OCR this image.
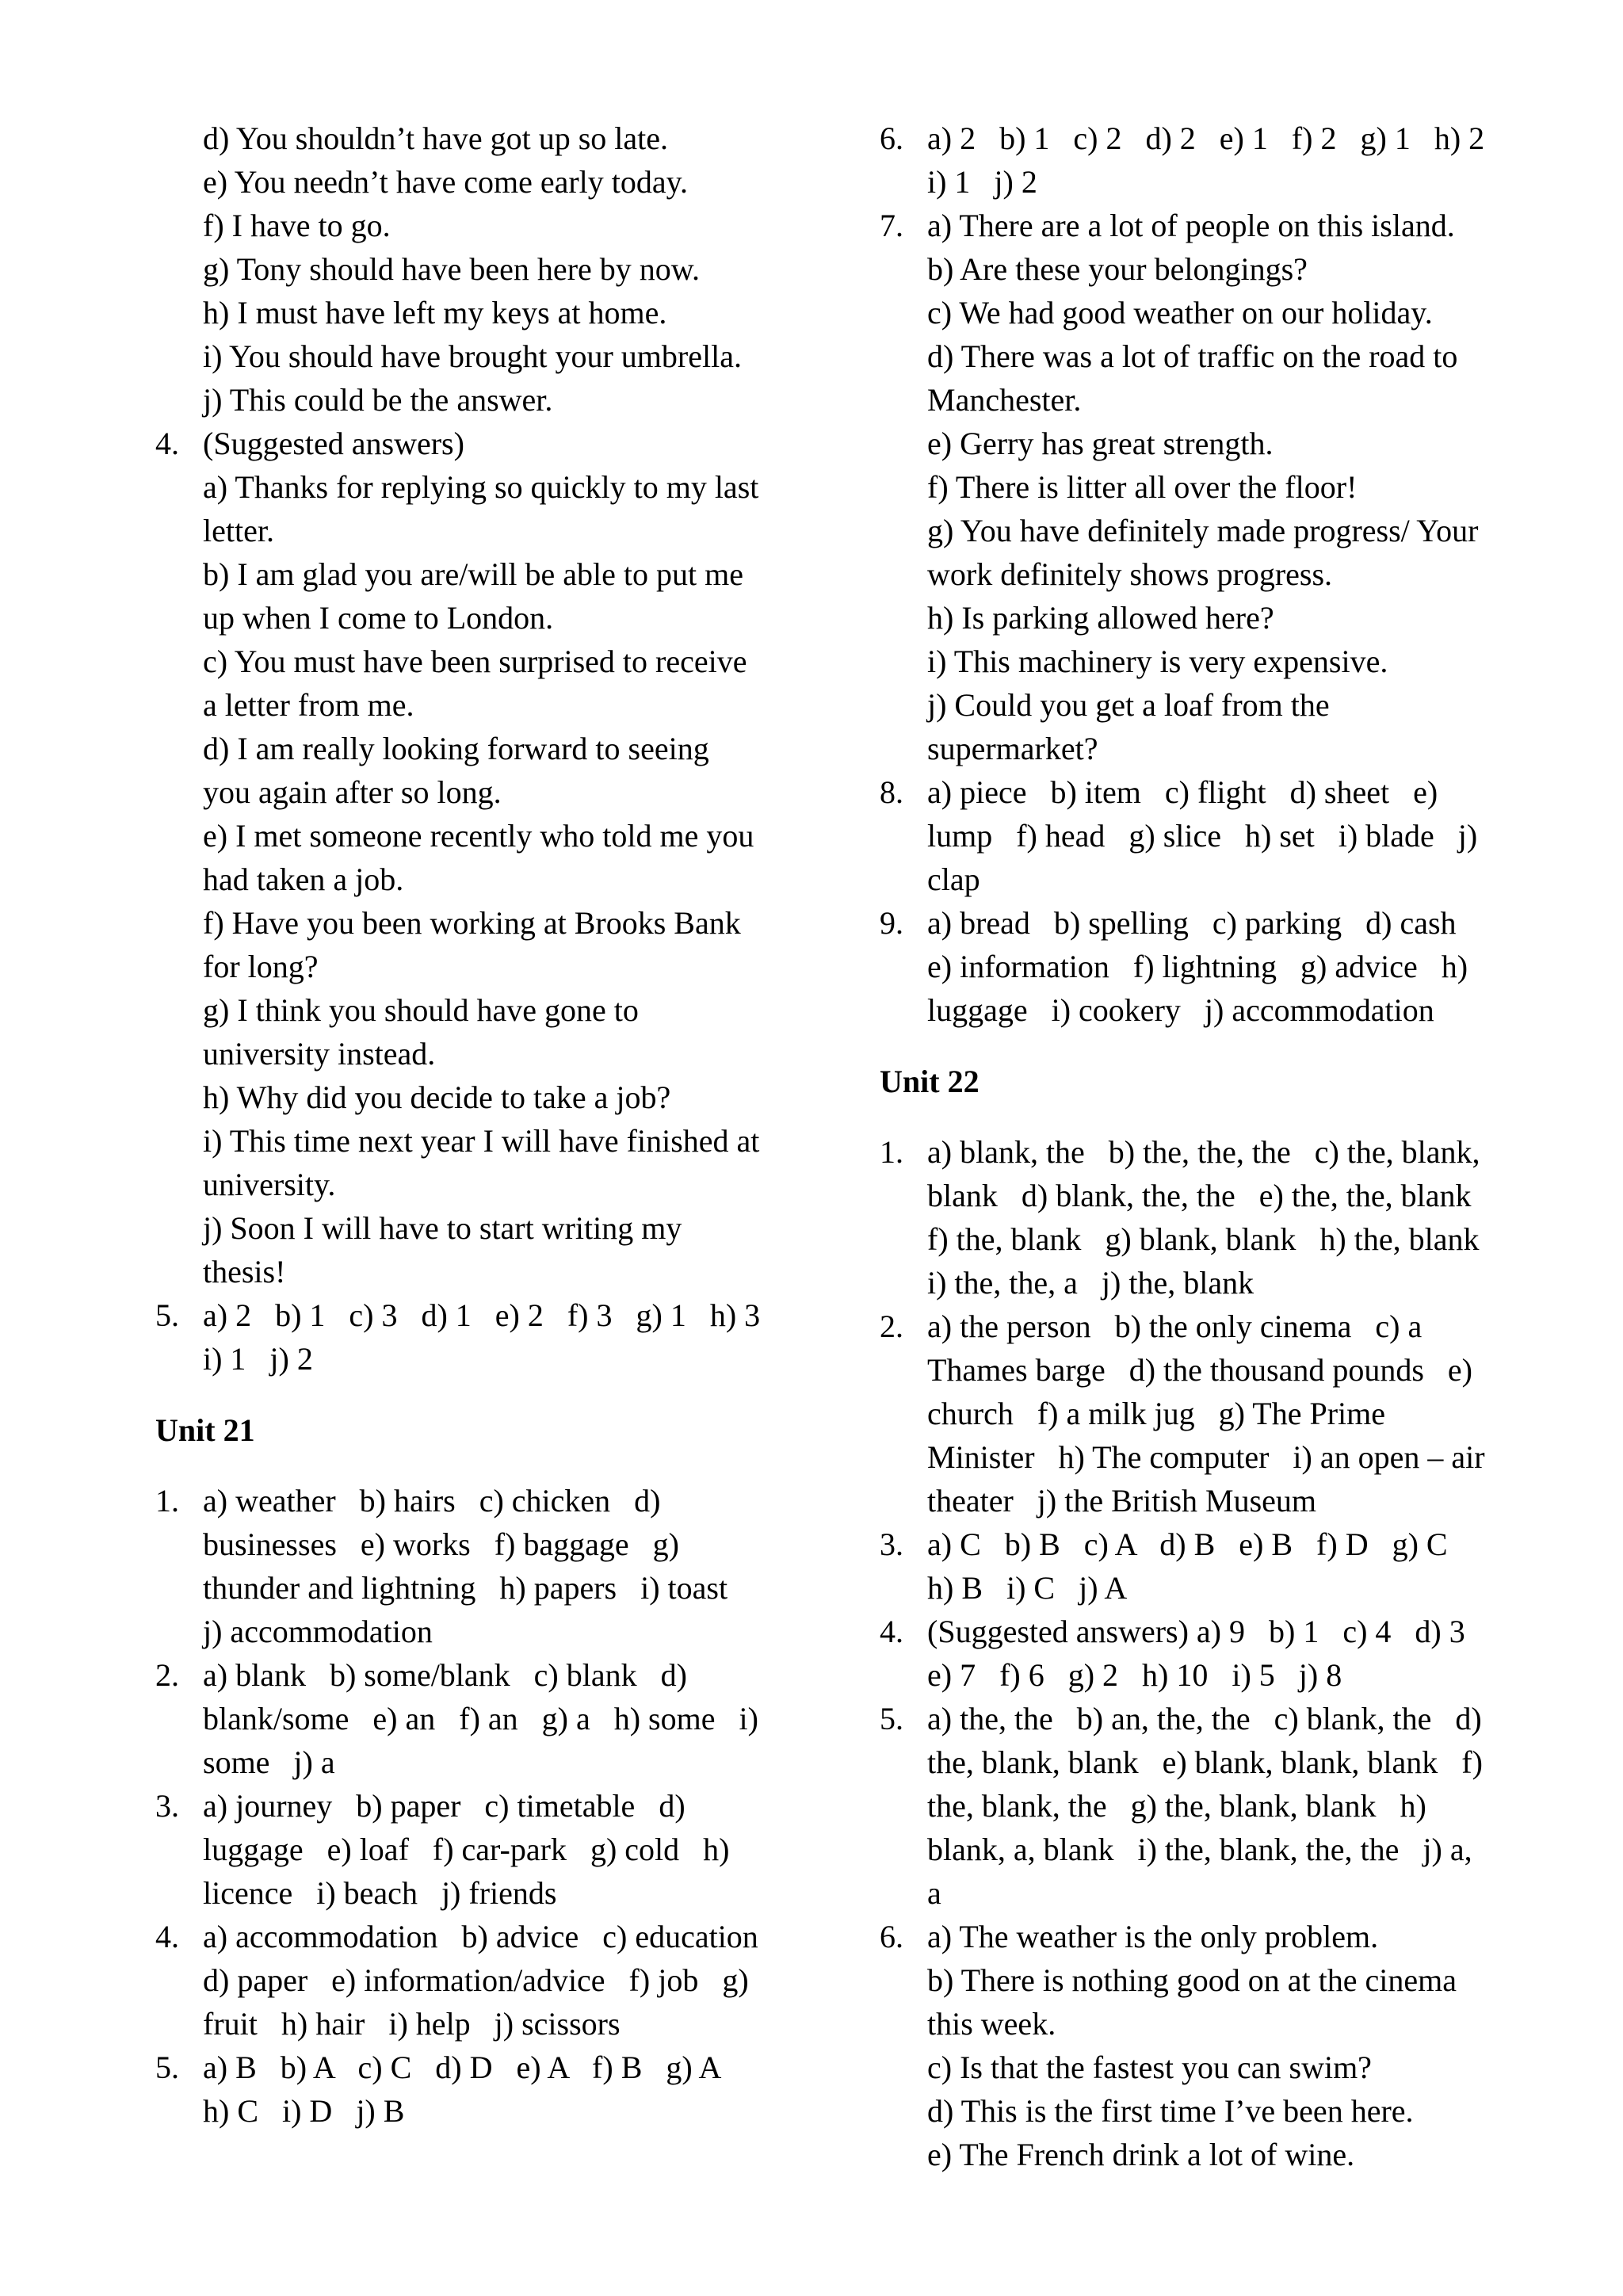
d) You shouldn’t have got up so late.
e) You needn’t have come early today.
f) I have to go.
g) Tony should have been here by now.
h) I must have left my keys at home.
i) You should have brought your umbrella.
j) This could be the answer.
4. (Suggested answers)
a) Thanks for replying so quickly to my last
letter.
b) I am glad you are/will be able to put me
up when I come to London.
c) You must have been surprised to receive
a letter from me.
d) I am really looking forward to seeing
you again after so long.
e) I met someone recently who told me you
had taken a job.
f) Have you been working at Brooks Bank
for long?
g) I think you should have gone to
university instead.
h) Why did you decide to take a job?
i) This time next year I will have finished at
university.
j) Soon I will have to start writing my
thesis!
5. a) 2   b) 1   c) 3   d) 1   e) 2   f) 3   g) 1   h) 3
i) 1   j) 2
Unit 21
1. a) weather   b) hairs   c) chicken   d)
businesses   e) works   f) baggage   g)
thunder and lightning   h) papers   i) toast
j) accommodation
2. a) blank   b) some/blank   c) blank   d)
blank/some   e) an   f) an   g) a   h) some   i)
some   j) a
3. a) journey   b) paper   c) timetable   d)
luggage   e) loaf   f) car-park   g) cold   h)
licence   i) beach   j) friends
4. a) accommodation   b) advice   c) education
d) paper   e) information/advice   f) job   g)
fruit   h) hair   i) help   j) scissors
5. a) B   b) A   c) C   d) D   e) A   f) B   g) A
h) C   i) D   j) B
6. a) 2   b) 1   c) 2   d) 2   e) 1   f) 2   g) 1   h) 2
i) 1   j) 2
7. a) There are a lot of people on this island.
b) Are these your belongings?
c) We had good weather on our holiday.
d) There was a lot of traffic on the road to
Manchester.
e) Gerry has great strength.
f) There is litter all over the floor!
g) You have definitely made progress/ Your
work definitely shows progress.
h) Is parking allowed here?
i) This machinery is very expensive.
j) Could you get a loaf from the
supermarket?
8. a) piece   b) item   c) flight   d) sheet   e)
lump   f) head   g) slice   h) set   i) blade   j)
clap
9. a) bread   b) spelling   c) parking   d) cash
e) information   f) lightning   g) advice   h)
luggage   i) cookery   j) accommodation
Unit 22
1. a) blank, the   b) the, the, the   c) the, blank,
blank   d) blank, the, the   e) the, the, blank
f) the, blank   g) blank, blank   h) the, blank
i) the, the, a   j) the, blank
2. a) the person   b) the only cinema   c) a
Thames barge   d) the thousand pounds   e)
church   f) a milk jug   g) The Prime
Minister   h) The computer   i) an open – air
theater   j) the British Museum
3. a) C   b) B   c) A   d) B   e) B   f) D   g) C
h) B   i) C   j) A
4. (Suggested answers) a) 9   b) 1   c) 4   d) 3
e) 7   f) 6   g) 2   h) 10   i) 5   j) 8
5. a) the, the   b) an, the, the   c) blank, the   d)
the, blank, blank   e) blank, blank, blank   f)
the, blank, the   g) the, blank, blank   h)
blank, a, blank   i) the, blank, the, the   j) a,
a
6. a) The weather is the only problem.
b) There is nothing good on at the cinema
this week.
c) Is that the fastest you can swim?
d) This is the first time I’ve been here.
e) The French drink a lot of wine.
